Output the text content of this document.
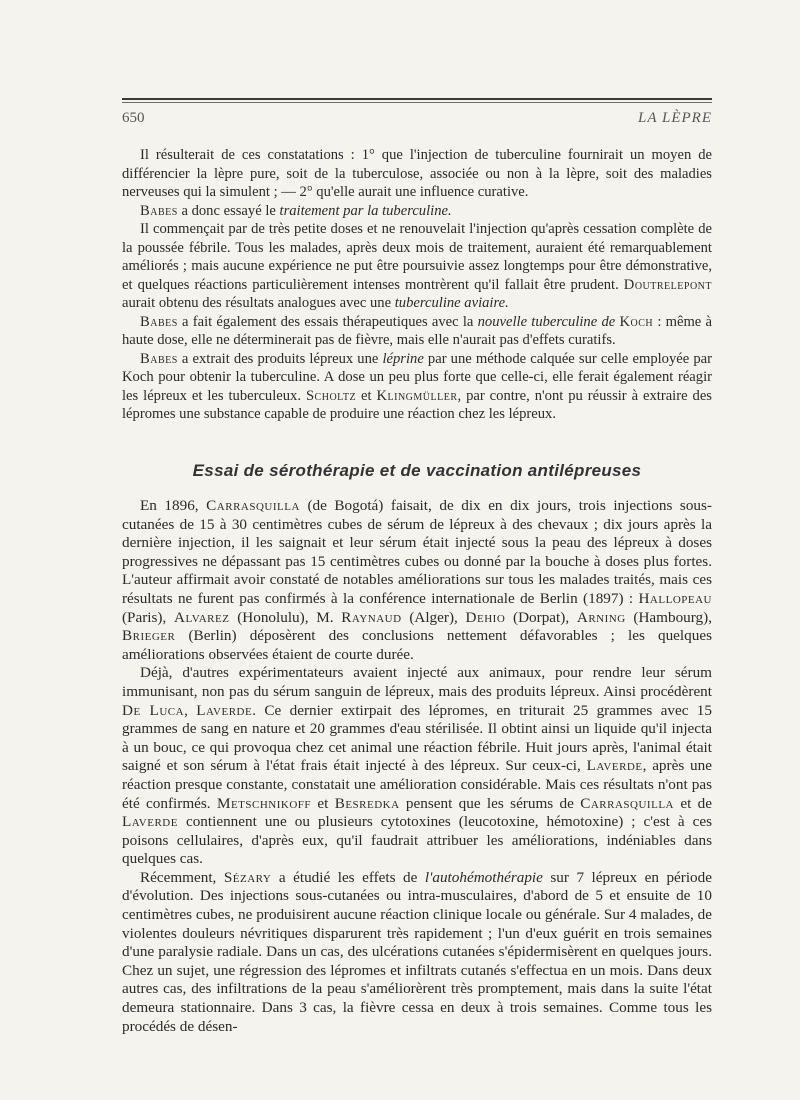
650	LA LÈPRE

Il résulterait de ces constatations : 1° que l'injection de tuberculine fournirait un moyen de différencier la lèpre pure, soit de la tuberculose, associée ou non à la lèpre, soit des maladies nerveuses qui la simulent ; — 2° qu'elle aurait une influence curative.

Babes a donc essayé le traitement par la tuberculine.

Il commençait par de très petite doses et ne renouvelait l'injection qu'après cessation complète de la poussée fébrile. Tous les malades, après deux mois de traitement, auraient été remarquablement améliorés ; mais aucune expérience ne put être poursuivie assez longtemps pour être démonstrative, et quelques réactions particulièrement intenses montrèrent qu'il fallait être prudent. Doutrelepont aurait obtenu des résultats analogues avec une tuberculine aviaire.

Babes a fait également des essais thérapeutiques avec la nouvelle tuberculine de Koch : même à haute dose, elle ne déterminerait pas de fièvre, mais elle n'aurait pas d'effets curatifs.

Babes a extrait des produits lépreux une léprine par une méthode calquée sur celle employée par Koch pour obtenir la tuberculine. A dose un peu plus forte que celle-ci, elle ferait également réagir les lépreux et les tuberculeux. Scholtz et Klingmüller, par contre, n'ont pu réussir à extraire des lépromes une substance capable de produire une réaction chez les lépreux.

Essai de sérothérapie et de vaccination antilépreuses

En 1896, Carrasquilla (de Bogotá) faisait, de dix en dix jours, trois injections sous-cutanées de 15 à 30 centimètres cubes de sérum de lépreux à des chevaux ; dix jours après la dernière injection, il les saignait et leur sérum était injecté sous la peau des lépreux à doses progressives ne dépassant pas 15 centimètres cubes ou donné par la bouche à doses plus fortes. L'auteur affirmait avoir constaté de notables améliorations sur tous les malades traités, mais ces résultats ne furent pas confirmés à la conférence internationale de Berlin (1897) : Hallopeau (Paris), Alvarez (Honolulu), M. Raynaud (Alger), Dehio (Dorpat), Arning (Hambourg), Brieger (Berlin) déposèrent des conclusions nettement défavorables ; les quelques améliorations observées étaient de courte durée.

Déjà, d'autres expérimentateurs avaient injecté aux animaux, pour rendre leur sérum immunisant, non pas du sérum sanguin de lépreux, mais des produits lépreux. Ainsi procédèrent De Luca, Laverde. Ce dernier extirpait des lépromes, en triturait 25 grammes avec 15 grammes de sang en nature et 20 grammes d'eau stérilisée. Il obtint ainsi un liquide qu'il injecta à un bouc, ce qui provoqua chez cet animal une réaction fébrile. Huit jours après, l'animal était saigné et son sérum à l'état frais était injecté à des lépreux. Sur ceux-ci, Laverde, après une réaction presque constante, constatait une amélioration considérable. Mais ces résultats n'ont pas été confirmés. Metschnikoff et Besredka pensent que les sérums de Carrasquilla et de Laverde contiennent une ou plusieurs cytotoxines (leucotoxine, hémotoxine) ; c'est à ces poisons cellulaires, d'après eux, qu'il faudrait attribuer les améliorations, indéniables dans quelques cas.

Récemment, Sézary a étudié les effets de l'autohémothérapie sur 7 lépreux en période d'évolution. Des injections sous-cutanées ou intra-musculaires, d'abord de 5 et ensuite de 10 centimètres cubes, ne produisirent aucune réaction clinique locale ou générale. Sur 4 malades, de violentes douleurs névritiques disparurent très rapidement ; l'un d'eux guérit en trois semaines d'une paralysie radiale. Dans un cas, des ulcérations cutanées s'épidermisèrent en quelques jours. Chez un sujet, une régression des lépromes et infiltrats cutanés s'effectua en un mois. Dans deux autres cas, des infiltrations de la peau s'améliorèrent très promptement, mais dans la suite l'état demeura stationnaire. Dans 3 cas, la fièvre cessa en deux à trois semaines. Comme tous les procédés de désen-
